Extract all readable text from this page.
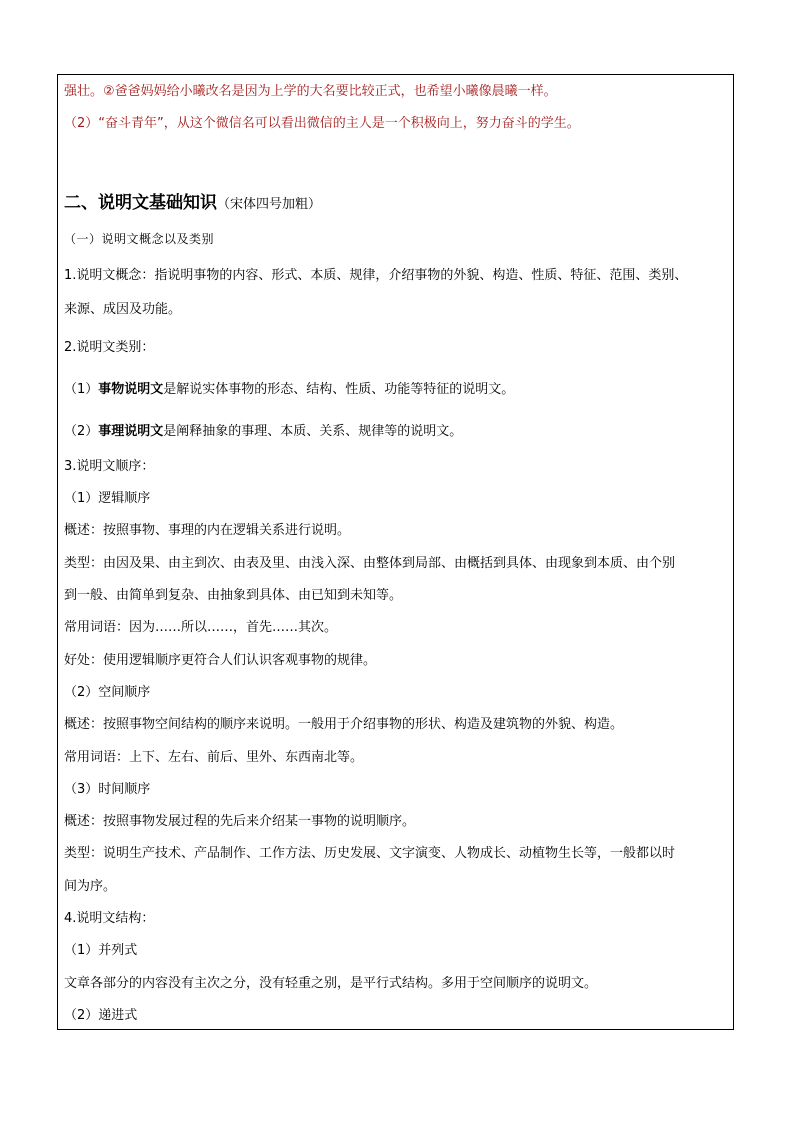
强壮。②爸爸妈妈给小曦改名是因为上学的大名要比较正式，也希望小曦像晨曦一样。
（2）“奋斗青年”，从这个微信名可以看出微信的主人是一个积极向上，努力奋斗的学生。
二、说明文基础知识（宋体四号加粗）
（一）说明文概念以及类别
1.说明文概念：指说明事物的内容、形式、本质、规律，介绍事物的外貌、构造、性质、特征、范围、类别、
来源、成因及功能。
2.说明文类别：
（1）事物说明文是解说实体事物的形态、结构、性质、功能等特征的说明文。
（2）事理说明文是阐释抽象的事理、本质、关系、规律等的说明文。
3.说明文顺序：
（1）逻辑顺序
概述：按照事物、事理的内在逻辑关系进行说明。
类型：由因及果、由主到次、由表及里、由浅入深、由整体到局部、由概括到具体、由现象到本质、由个别
到一般、由简单到复杂、由抽象到具体、由已知到未知等。
常用词语：因为……所以……，首先……其次。
好处：使用逻辑顺序更符合人们认识客观事物的规律。
（2）空间顺序
概述：按照事物空间结构的顺序来说明。一般用于介绍事物的形状、构造及建筑物的外貌、构造。
常用词语：上下、左右、前后、里外、东西南北等。
（3）时间顺序
概述：按照事物发展过程的先后来介绍某一事物的说明顺序。
类型：说明生产技术、产品制作、工作方法、历史发展、文字演变、人物成长、动植物生长等，一般都以时
间为序。
4.说明文结构：
（1）并列式
文章各部分的内容没有主次之分，没有轻重之别，是平行式结构。多用于空间顺序的说明文。
（2）递进式
